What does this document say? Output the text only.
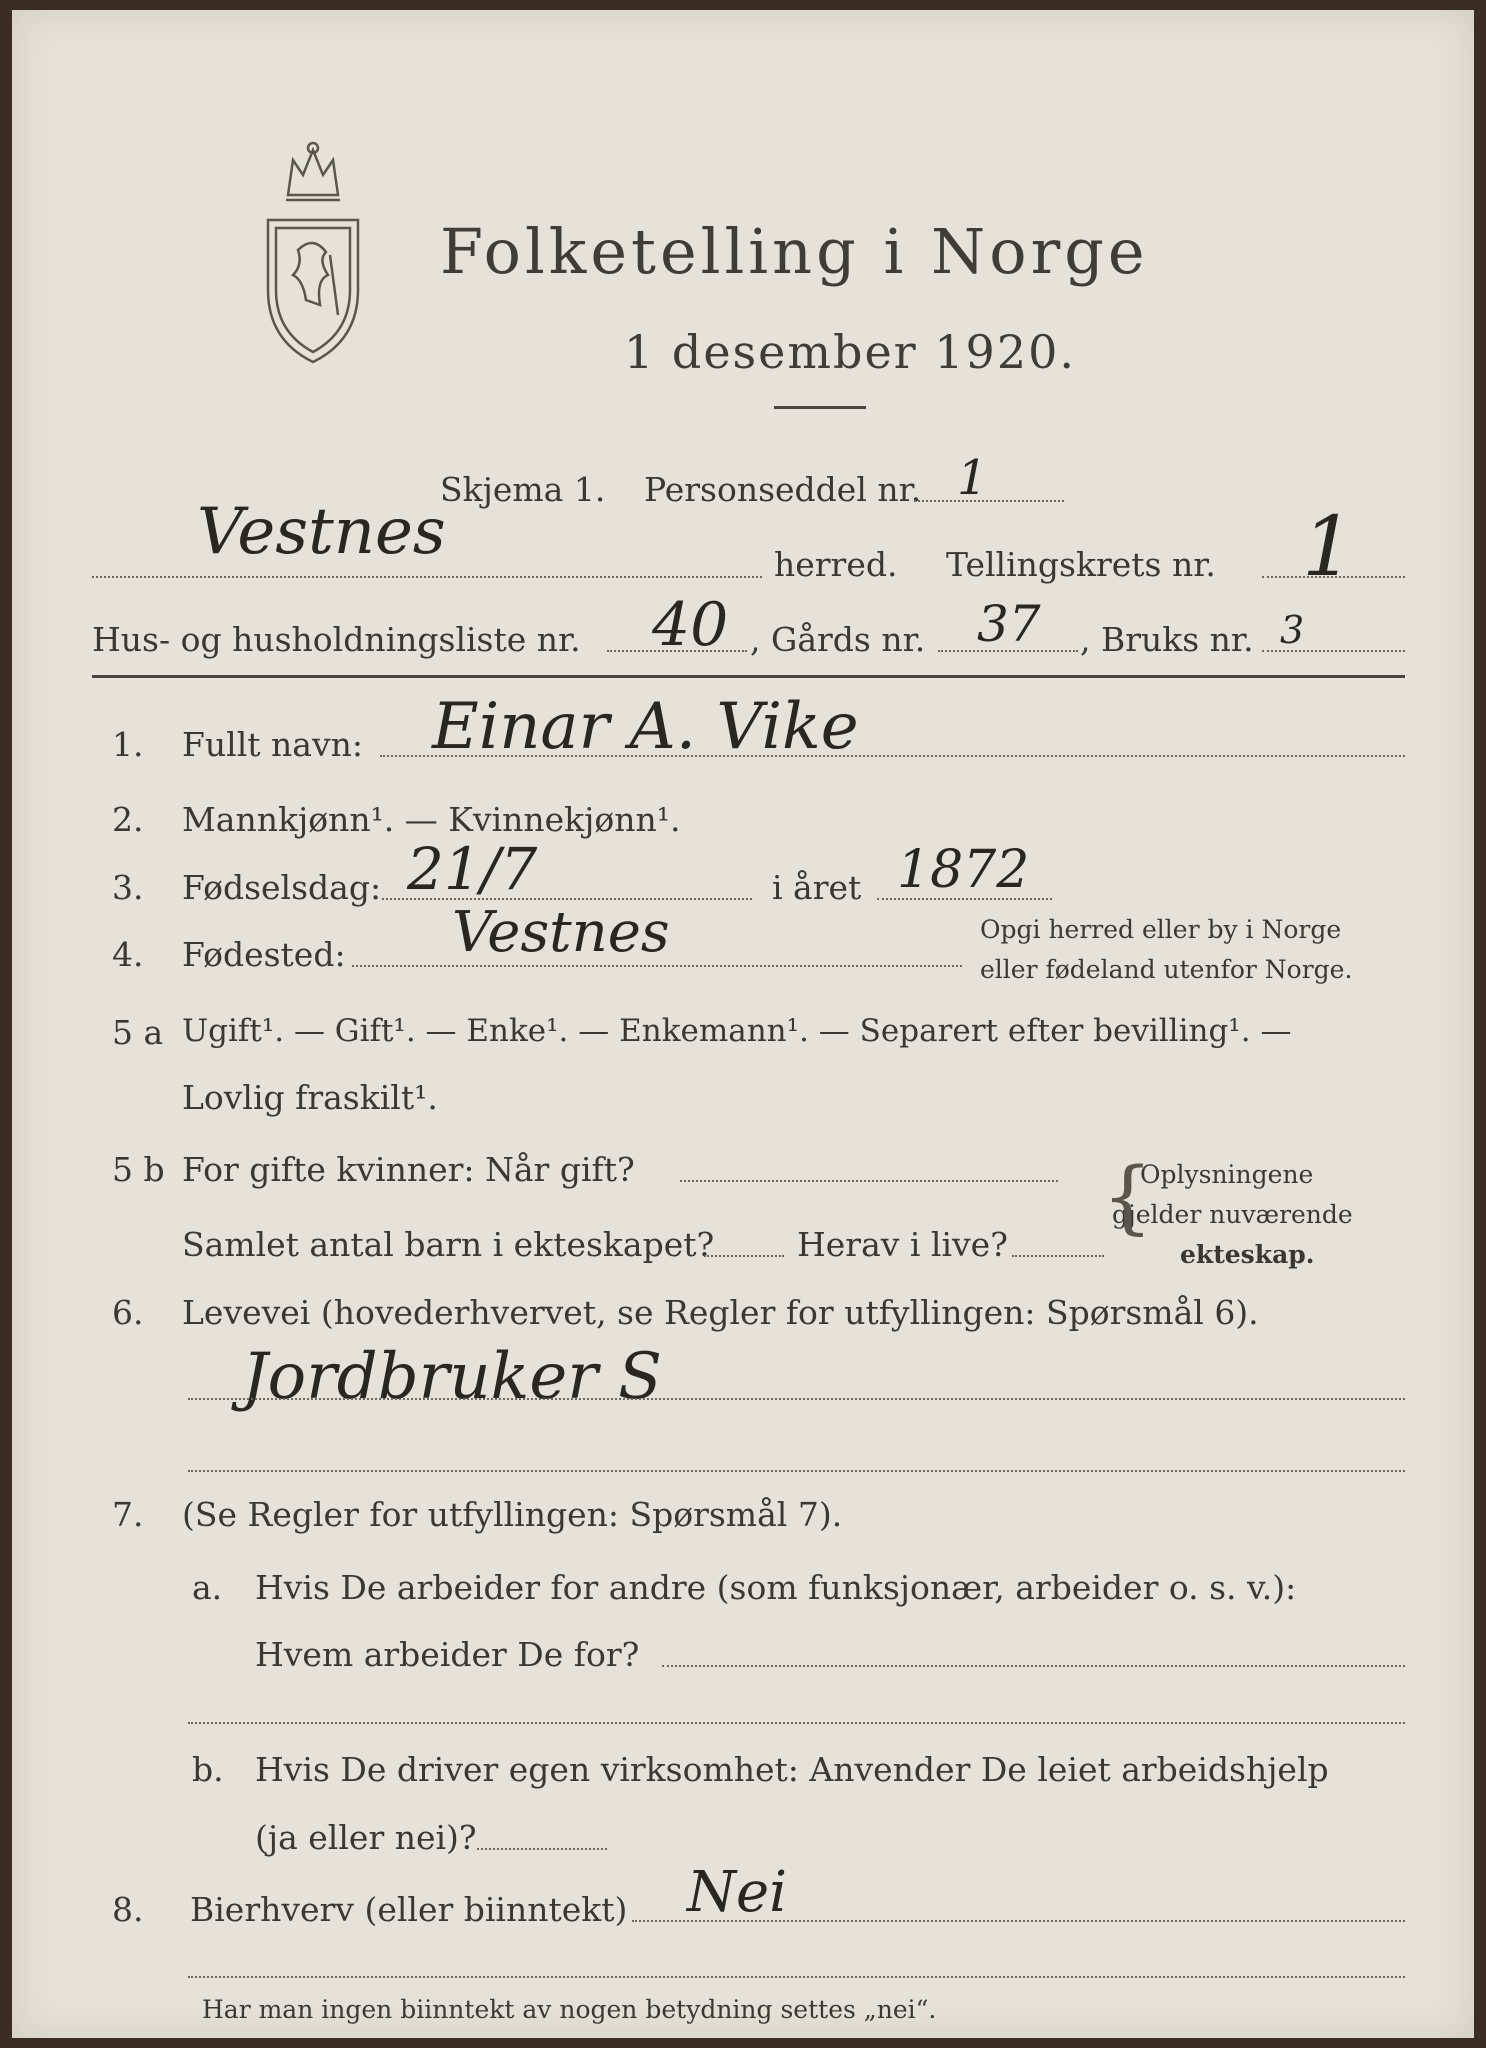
Folketelling i Norge
1 desember 1920.
Skjema 1. Personseddel nr. 1
Vestnes	herred. Tellingskrets nr. 1
Hus- og husholdningsliste nr. 40 , Gårds nr. 37 , Bruks nr. 3
1. Fullt navn: Einar A. Vike
2. Mannkjønn¹. — Kvinnekjønn¹.
3. Fødselsdag: 21/7	i året 1872
4. Fødested: Vestnes	Opgi herred eller by i Norge
eller fødeland utenfor Norge.
5 a Ugift¹. — Gift¹. — Enke¹. — Enkemann¹. — Separert efter bevilling¹. —
Lovlig fraskilt¹.
5 b For gifte kvinner: Når gift?
Samlet antal barn i ekteskapet?	Herav i live?
Oplysningene
gjelder nuværende
ekteskap.
{
6. Levevei (hovederhvervet, se Regler for utfyllingen: Spørsmål 6).
Jordbruker S
7. (Se Regler for utfyllingen: Spørsmål 7).
a. Hvis De arbeider for andre (som funksjonær, arbeider o. s. v.):
Hvem arbeider De for?
b. Hvis De driver egen virksomhet: Anvender De leiet arbeidshjelp
(ja eller nei)?
8. Bierhverv (eller biinntekt) Nei
Har man ingen biinntekt av nogen betydning settes „nei“.
